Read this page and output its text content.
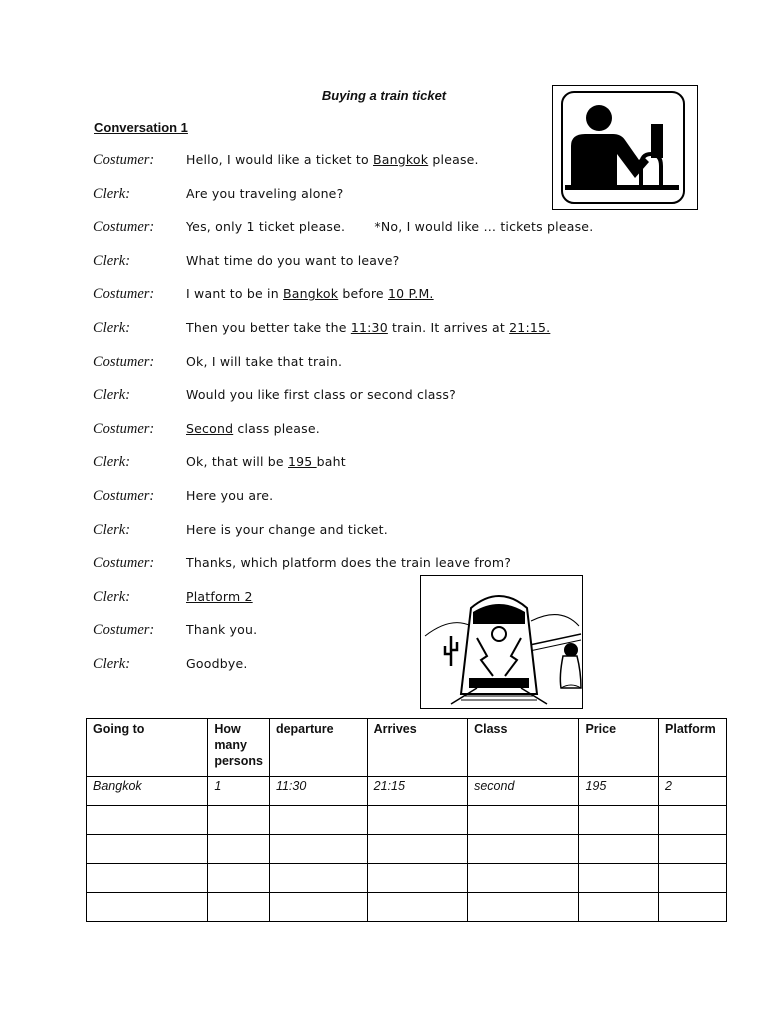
Buying a train ticket
Conversation 1
Costumer:	Hello, I would like a ticket to Bangkok please.
Clerk:	Are you traveling alone?
Costumer:	Yes, only 1 ticket please.       *No, I would like … tickets please.
Clerk:	What time do you want to leave?
Costumer:	I want to be in Bangkok before 10 P.M.
Clerk:	Then you better take the 11:30 train. It arrives at 21:15.
Costumer:	Ok, I will take that train.
Clerk:	Would you like first class or second class?
Costumer:	Second class please.
Clerk:	Ok, that will be 195 baht
Costumer:	Here you are.
Clerk:	Here is your change and ticket.
Costumer:	Thanks, which platform does the train leave from?
Clerk:	Platform 2
Costumer:	Thank you.
Clerk:	Goodbye.
Going to	How many persons	departure	Arrives	Class	Price	Platform
Bangkok	1	11:30	21:15	second	195	2
